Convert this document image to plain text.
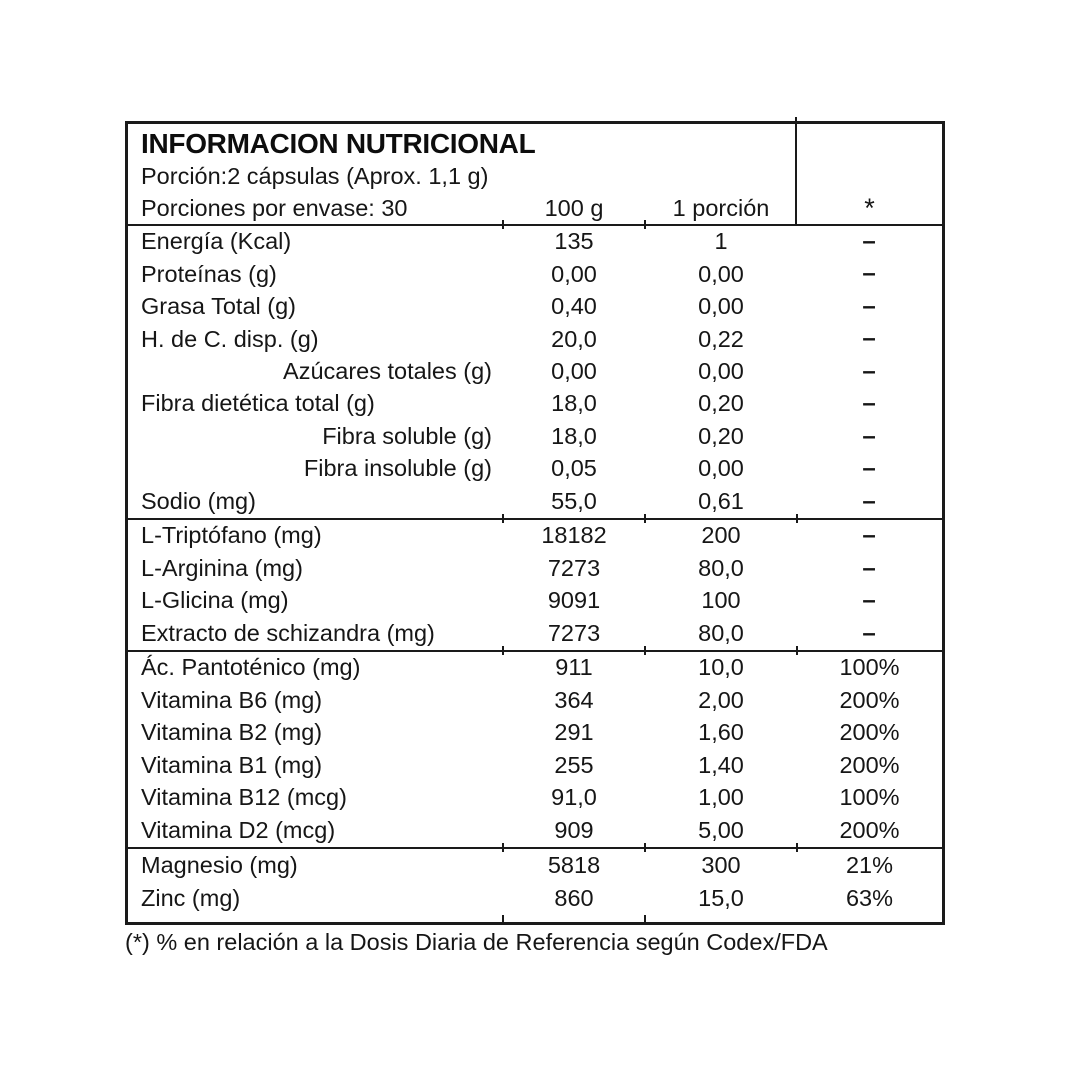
INFORMACION NUTRICIONAL
Porción:2 cápsulas (Aprox. 1,1 g)
Porciones por envase: 30	100 g	1 porción	*
Energía (Kcal)	135	1	–
Proteínas (g)	0,00	0,00	–
Grasa Total (g)	0,40	0,00	–
H. de C. disp. (g)	20,0	0,22	–
Azúcares totales (g)	0,00	0,00	–
Fibra dietética total (g)	18,0	0,20	–
Fibra soluble (g)	18,0	0,20	–
Fibra insoluble (g)	0,05	0,00	–
Sodio (mg)	55,0	0,61	–
L-Triptófano (mg)	18182	200	–
L-Arginina (mg)	7273	80,0	–
L-Glicina (mg)	9091	100	–
Extracto de schizandra (mg)	7273	80,0	–
Ác. Pantoténico (mg)	911	10,0	100%
Vitamina B6 (mg)	364	2,00	200%
Vitamina B2 (mg)	291	1,60	200%
Vitamina B1 (mg)	255	1,40	200%
Vitamina B12 (mcg)	91,0	1,00	100%
Vitamina D2 (mcg)	909	5,00	200%
Magnesio (mg)	5818	300	21%
Zinc (mg)	860	15,0	63%
(*) % en relación a la Dosis Diaria de Referencia según Codex/FDA
